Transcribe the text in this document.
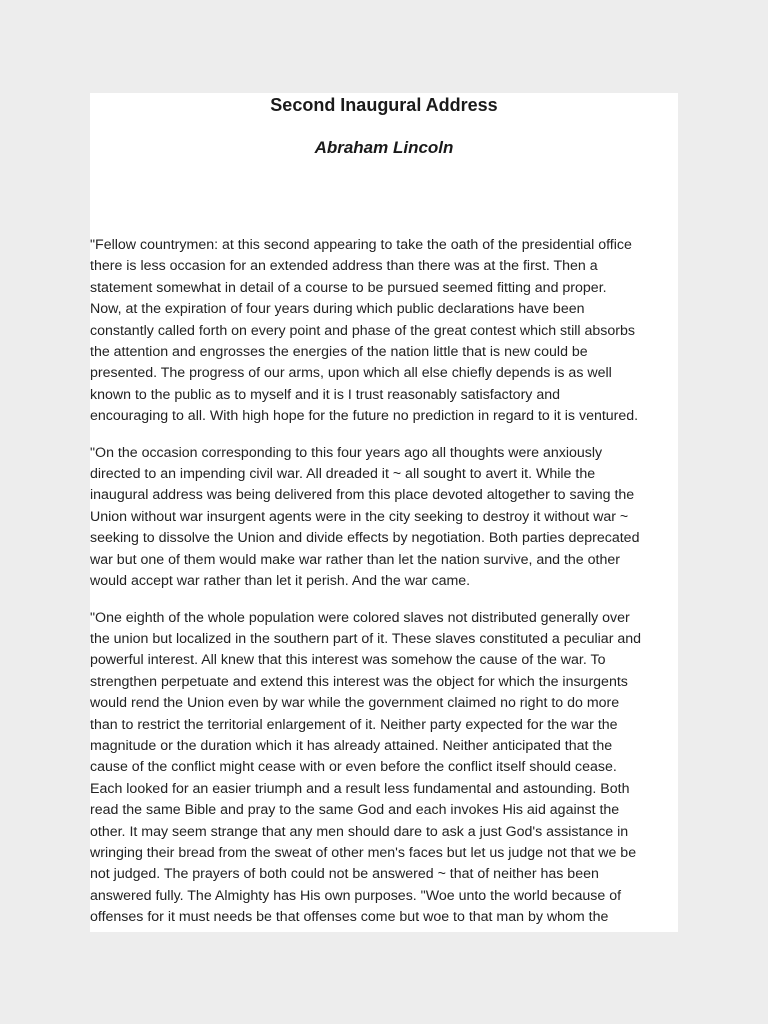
Second Inaugural Address
Abraham Lincoln

"Fellow countrymen: at this second appearing to take the oath of the presidential office
there is less occasion for an extended address than there was at the first. Then a
statement somewhat in detail of a course to be pursued seemed fitting and proper.
Now, at the expiration of four years during which public declarations have been
constantly called forth on every point and phase of the great contest which still absorbs
the attention and engrosses the energies of the nation little that is new could be
presented. The progress of our arms, upon which all else chiefly depends is as well
known to the public as to myself and it is I trust reasonably satisfactory and
encouraging to all. With high hope for the future no prediction in regard to it is ventured.

"On the occasion corresponding to this four years ago all thoughts were anxiously
directed to an impending civil war. All dreaded it ~ all sought to avert it. While the
inaugural address was being delivered from this place devoted altogether to saving the
Union without war insurgent agents were in the city seeking to destroy it without war ~
seeking to dissolve the Union and divide effects by negotiation. Both parties deprecated
war but one of them would make war rather than let the nation survive, and the other
would accept war rather than let it perish. And the war came.

"One eighth of the whole population were colored slaves not distributed generally over
the union but localized in the southern part of it. These slaves constituted a peculiar and
powerful interest. All knew that this interest was somehow the cause of the war. To
strengthen perpetuate and extend this interest was the object for which the insurgents
would rend the Union even by war while the government claimed no right to do more
than to restrict the territorial enlargement of it. Neither party expected for the war the
magnitude or the duration which it has already attained. Neither anticipated that the
cause of the conflict might cease with or even before the conflict itself should cease.
Each looked for an easier triumph and a result less fundamental and astounding. Both
read the same Bible and pray to the same God and each invokes His aid against the
other. It may seem strange that any men should dare to ask a just God's assistance in
wringing their bread from the sweat of other men's faces but let us judge not that we be
not judged. The prayers of both could not be answered ~ that of neither has been
answered fully. The Almighty has His own purposes. "Woe unto the world because of
offenses for it must needs be that offenses come but woe to that man by whom the
